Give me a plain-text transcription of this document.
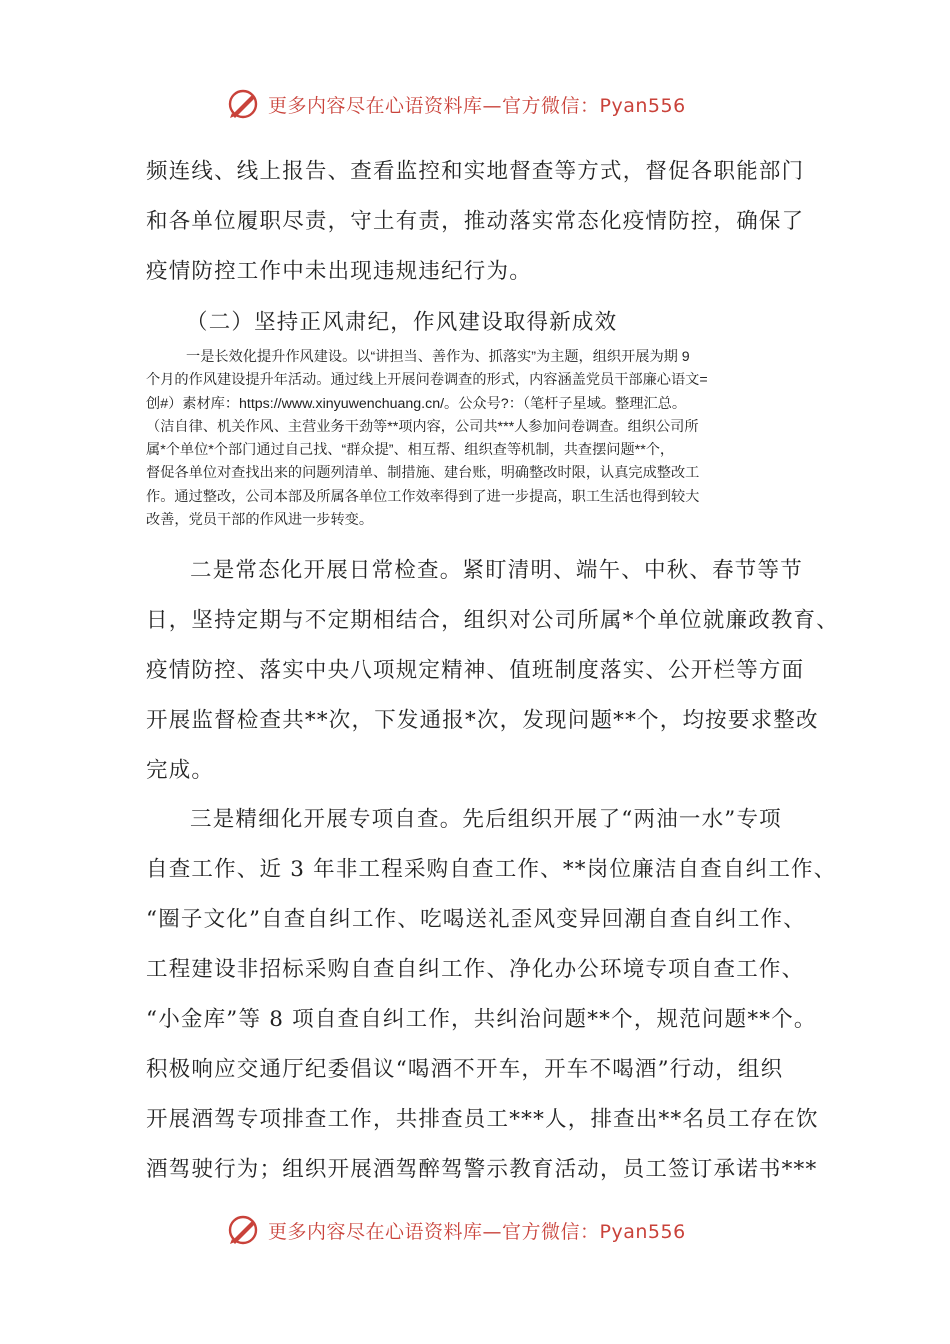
更多内容尽在心语资料库—官方微信：Pyan556
频连线、线上报告、查看监控和实地督查等方式，督促各职能部门
和各单位履职尽责，守土有责，推动落实常态化疫情防控，确保了
疫情防控工作中未出现违规违纪行为。
（二）坚持正风肃纪，作风建设取得新成效
一是长效化提升作风建设。以“讲担当、善作为、抓落实”为主题，组织开展为期 9
个月的作风建设提升年活动。通过线上开展问卷调查的形式，内容涵盖党员干部廉心语文=
创#）素材库：https://www.xinyuwenchuang.cn/。公众号?：（笔杆子星域。整理汇总。
（洁自律、机关作风、主营业务干劲等**项内容，公司共***人参加问卷调查。组织公司所
属*个单位*个部门通过自己找、“群众提”、相互帮、组织查等机制，共查摆问题**个，
督促各单位对查找出来的问题列清单、制措施、建台账，明确整改时限，认真完成整改工
作。通过整改，公司本部及所属各单位工作效率得到了进一步提高，职工生活也得到较大
改善，党员干部的作风进一步转变。
二是常态化开展日常检查。紧盯清明、端午、中秋、春节等节
日，坚持定期与不定期相结合，组织对公司所属*个单位就廉政教育、
疫情防控、落实中央八项规定精神、值班制度落实、公开栏等方面
开展监督检查共**次，下发通报*次，发现问题**个，均按要求整改
完成。
三是精细化开展专项自查。先后组织开展了“两油一水”专项
自查工作、近 3 年非工程采购自查工作、**岗位廉洁自查自纠工作、
“圈子文化”自查自纠工作、吃喝送礼歪风变异回潮自查自纠工作、
工程建设非招标采购自查自纠工作、净化办公环境专项自查工作、
“小金库”等 8 项自查自纠工作，共纠治问题**个，规范问题**个。
积极响应交通厅纪委倡议“喝酒不开车，开车不喝酒”行动，组织
开展酒驾专项排查工作，共排查员工***人，排查出**名员工存在饮
酒驾驶行为；组织开展酒驾醉驾警示教育活动，员工签订承诺书***
更多内容尽在心语资料库—官方微信：Pyan556
